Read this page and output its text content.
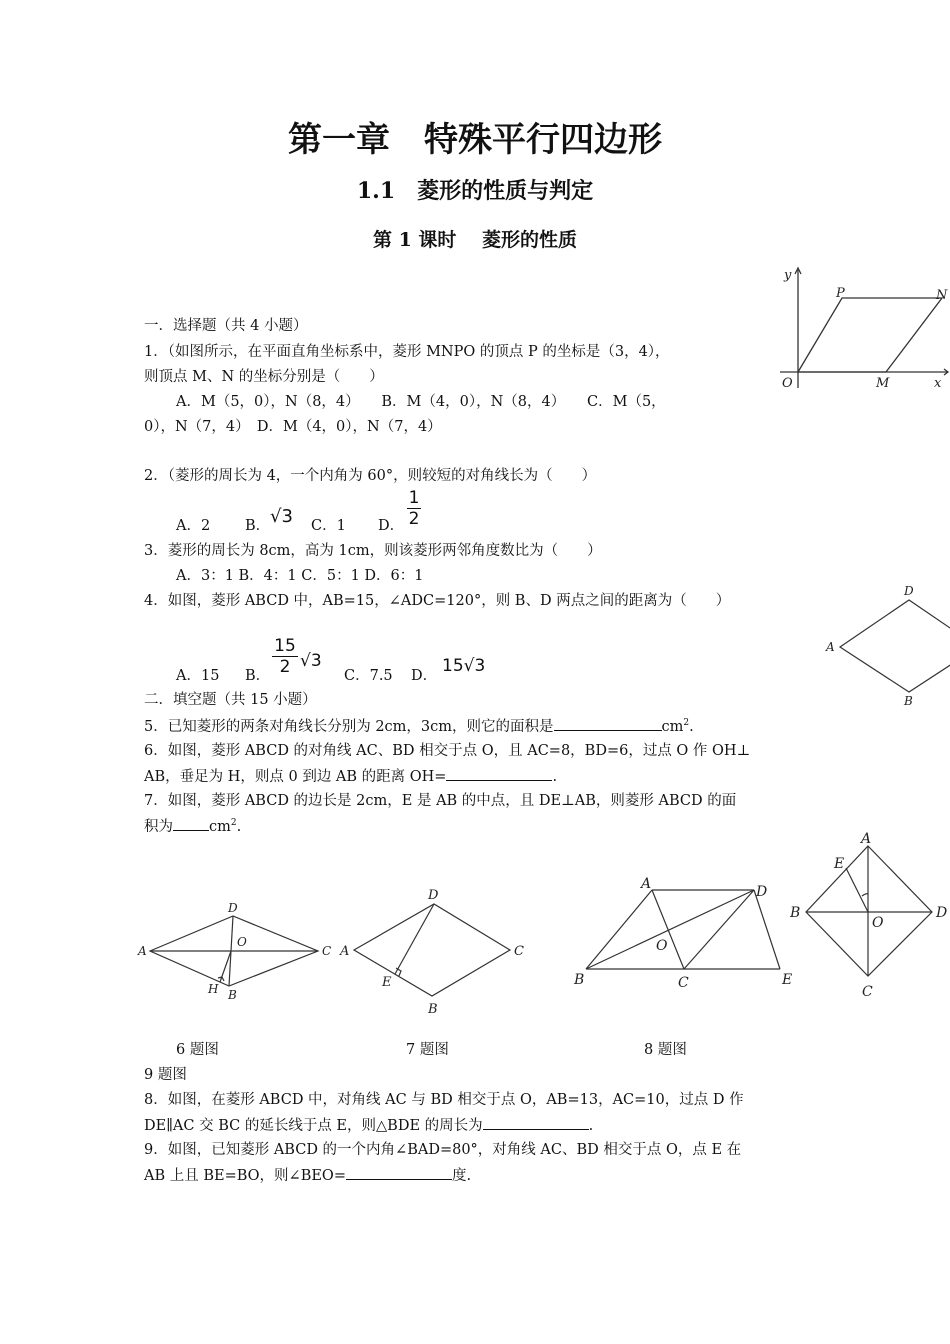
第一章　特殊平行四边形
1.1　菱形的性质与判定
第 1 课时　 菱形的性质
一．选择题（共 4 小题）
1．（如图所示，在平面直角坐标系中，菱形 MNPO 的顶点 P 的坐标是（3，4），
则顶点 M、N 的坐标分别是（　　）
A．M（5，0），N（8，4）　　B．M（4，0），N（8，4）　　C．M（5，
0），N（7，4）　D．M（4，0），N（7，4）
2．（菱形的周长为 4，一个内角为 60°，则较短的对角线长为（　　）
A．2 B． √3 C．1 D．
1
2
3．菱形的周长为 8cm，高为 1cm，则该菱形两邻角度数比为（　　）
A．3：1 B．4：1 C．5：1 D．6：1
4．如图，菱形 ABCD 中，AB=15，∠ADC=120°，则 B、D 两点之间的距离为（　　）
A．15 B．
15
2 √3
C．7.5 D． 15√3
二．填空题（共 15 小题）
5．已知菱形的两条对角线长分别为 2cm，3cm，则它的面积是	$cm^2$.
6．如图，菱形 ABCD 的对角线 AC、BD 相交于点 O，且 AC=8，BD=6，过点 O 作 OH⊥
AB，垂足为 H，则点 0 到边 AB 的距离 OH=	.
7．如图，菱形 ABCD 的边长是 2cm，E 是 AB 的中点，且 DE⊥AB，则菱形 ABCD 的面
积为 $cm^2$.
6 题图	7 题图	8 题图
9 题图
8．如图，在菱形 ABCD 中，对角线 AC 与 BD 相交于点 O，AB=13，AC=10，过点 D 作
DE∥AC 交 BC 的延长线于点 E，则△BDE 的周长为	.
9．如图，已知菱形 ABCD 的一个内角∠BAD=80°，对角线 AC、BD 相交于点 O，点 E 在
AB 上且 BE=BO，则∠BEO=	度.
y
P	N
O	M	x
D
A
B
D
A	C
O
H B
D
A	C
E
B
A	D
O
B	C	E
A
E
B	D
O
C
